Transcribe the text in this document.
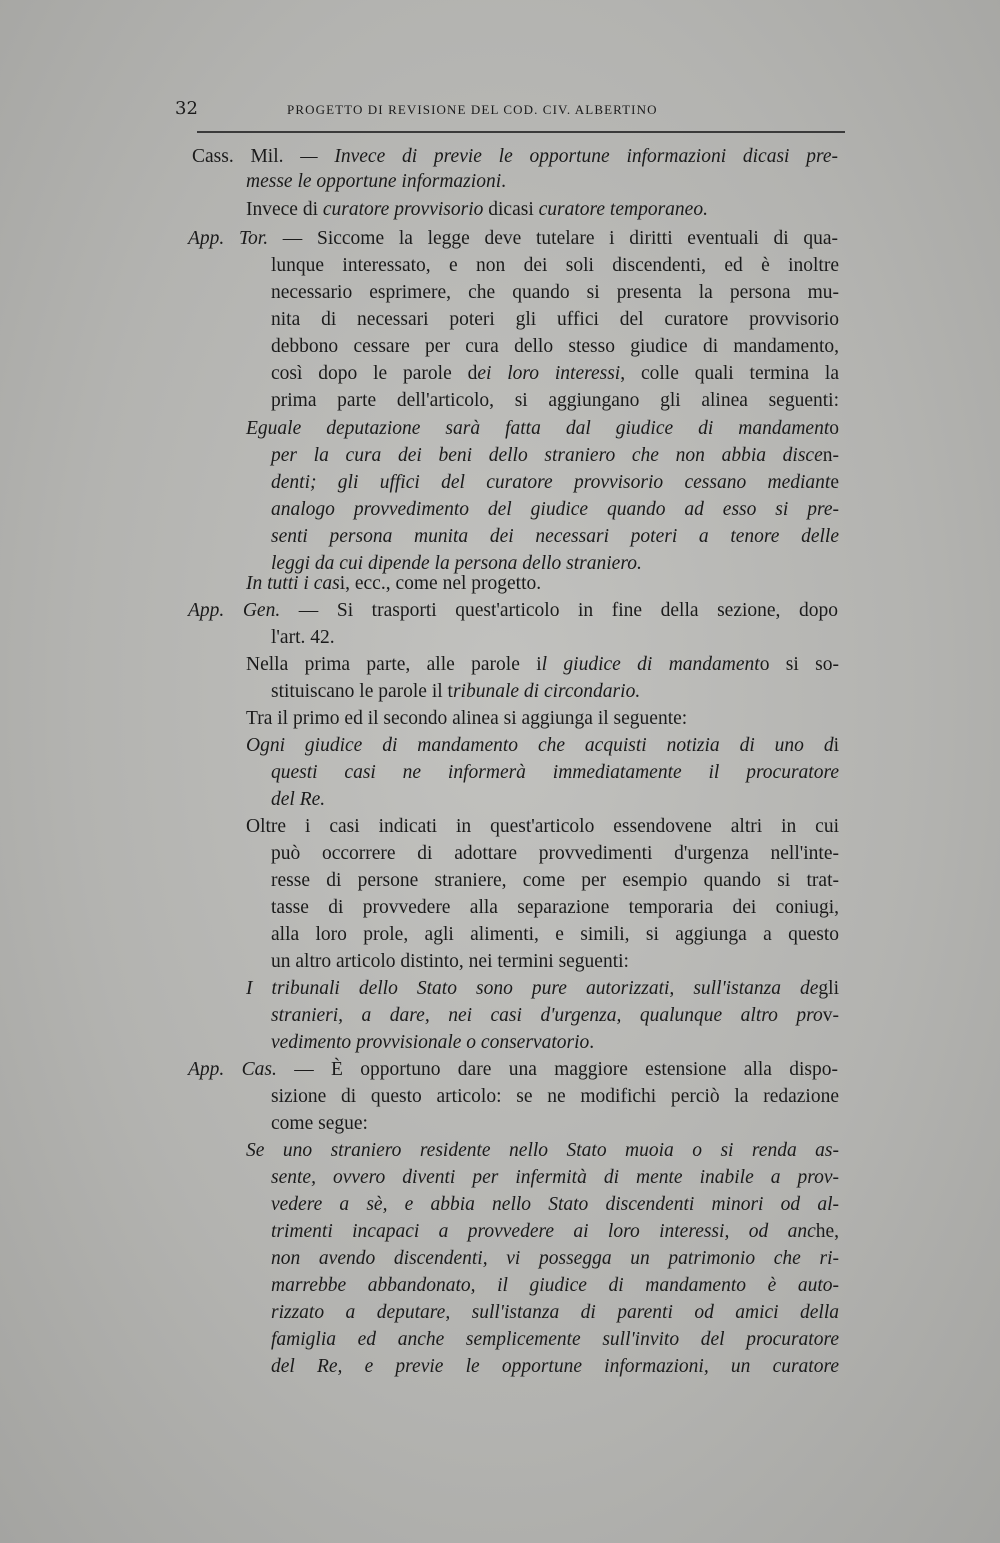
32	PROGETTO DI REVISIONE DEL COD. CIV. ALBERTINO
Cass. Mil. — Invece di previe le opportune informazioni dicasi pre-
messe le opportune informazioni.
Invece di curatore provvisorio dicasi curatore temporaneo.
App. Tor. — Siccome la legge deve tutelare i diritti eventuali di qua-
lunque interessato, e non dei soli discendenti, ed è inoltre
necessario esprimere, che quando si presenta la persona mu-
nita di necessari poteri gli uffici del curatore provvisorio
debbono cessare per cura dello stesso giudice di mandamento,
così dopo le parole dei loro interessi, colle quali termina la
prima parte dell'articolo, si aggiungano gli alinea seguenti:
Eguale deputazione sarà fatta dal giudice di mandamento
per la cura dei beni dello straniero che non abbia discen-
denti; gli uffici del curatore provvisorio cessano mediante
analogo provvedimento del giudice quando ad esso si pre-
senti persona munita dei necessari poteri a tenore delle
leggi da cui dipende la persona dello straniero.
In tutti i casi, ecc., come nel progetto.
App. Gen. — Si trasporti quest'articolo in fine della sezione, dopo
l'art. 42.
Nella prima parte, alle parole il giudice di mandamento si so-
stituiscano le parole il tribunale di circondario.
Tra il primo ed il secondo alinea si aggiunga il seguente:
Ogni giudice di mandamento che acquisti notizia di uno di
questi casi ne informerà immediatamente il procuratore
del Re.
Oltre i casi indicati in quest'articolo essendovene altri in cui
può occorrere di adottare provvedimenti d'urgenza nell'inte-
resse di persone straniere, come per esempio quando si trat-
tasse di provvedere alla separazione temporaria dei coniugi,
alla loro prole, agli alimenti, e simili, si aggiunga a questo
un altro articolo distinto, nei termini seguenti:
I tribunali dello Stato sono pure autorizzati, sull'istanza degli
stranieri, a dare, nei casi d'urgenza, qualunque altro prov-
vedimento provvisionale o conservatorio.
App. Cas. — È opportuno dare una maggiore estensione alla dispo-
sizione di questo articolo: se ne modifichi perciò la redazione
come segue:
Se uno straniero residente nello Stato muoia o si renda as-
sente, ovvero diventi per infermità di mente inabile a prov-
vedere a sè, e abbia nello Stato discendenti minori od al-
trimenti incapaci a provvedere ai loro interessi, od anche,
non avendo discendenti, vi possegga un patrimonio che ri-
marrebbe abbandonato, il giudice di mandamento è auto-
rizzato a deputare, sull'istanza di parenti od amici della
famiglia ed anche semplicemente sull'invito del procuratore
del Re, e previe le opportune informazioni, un curatore
